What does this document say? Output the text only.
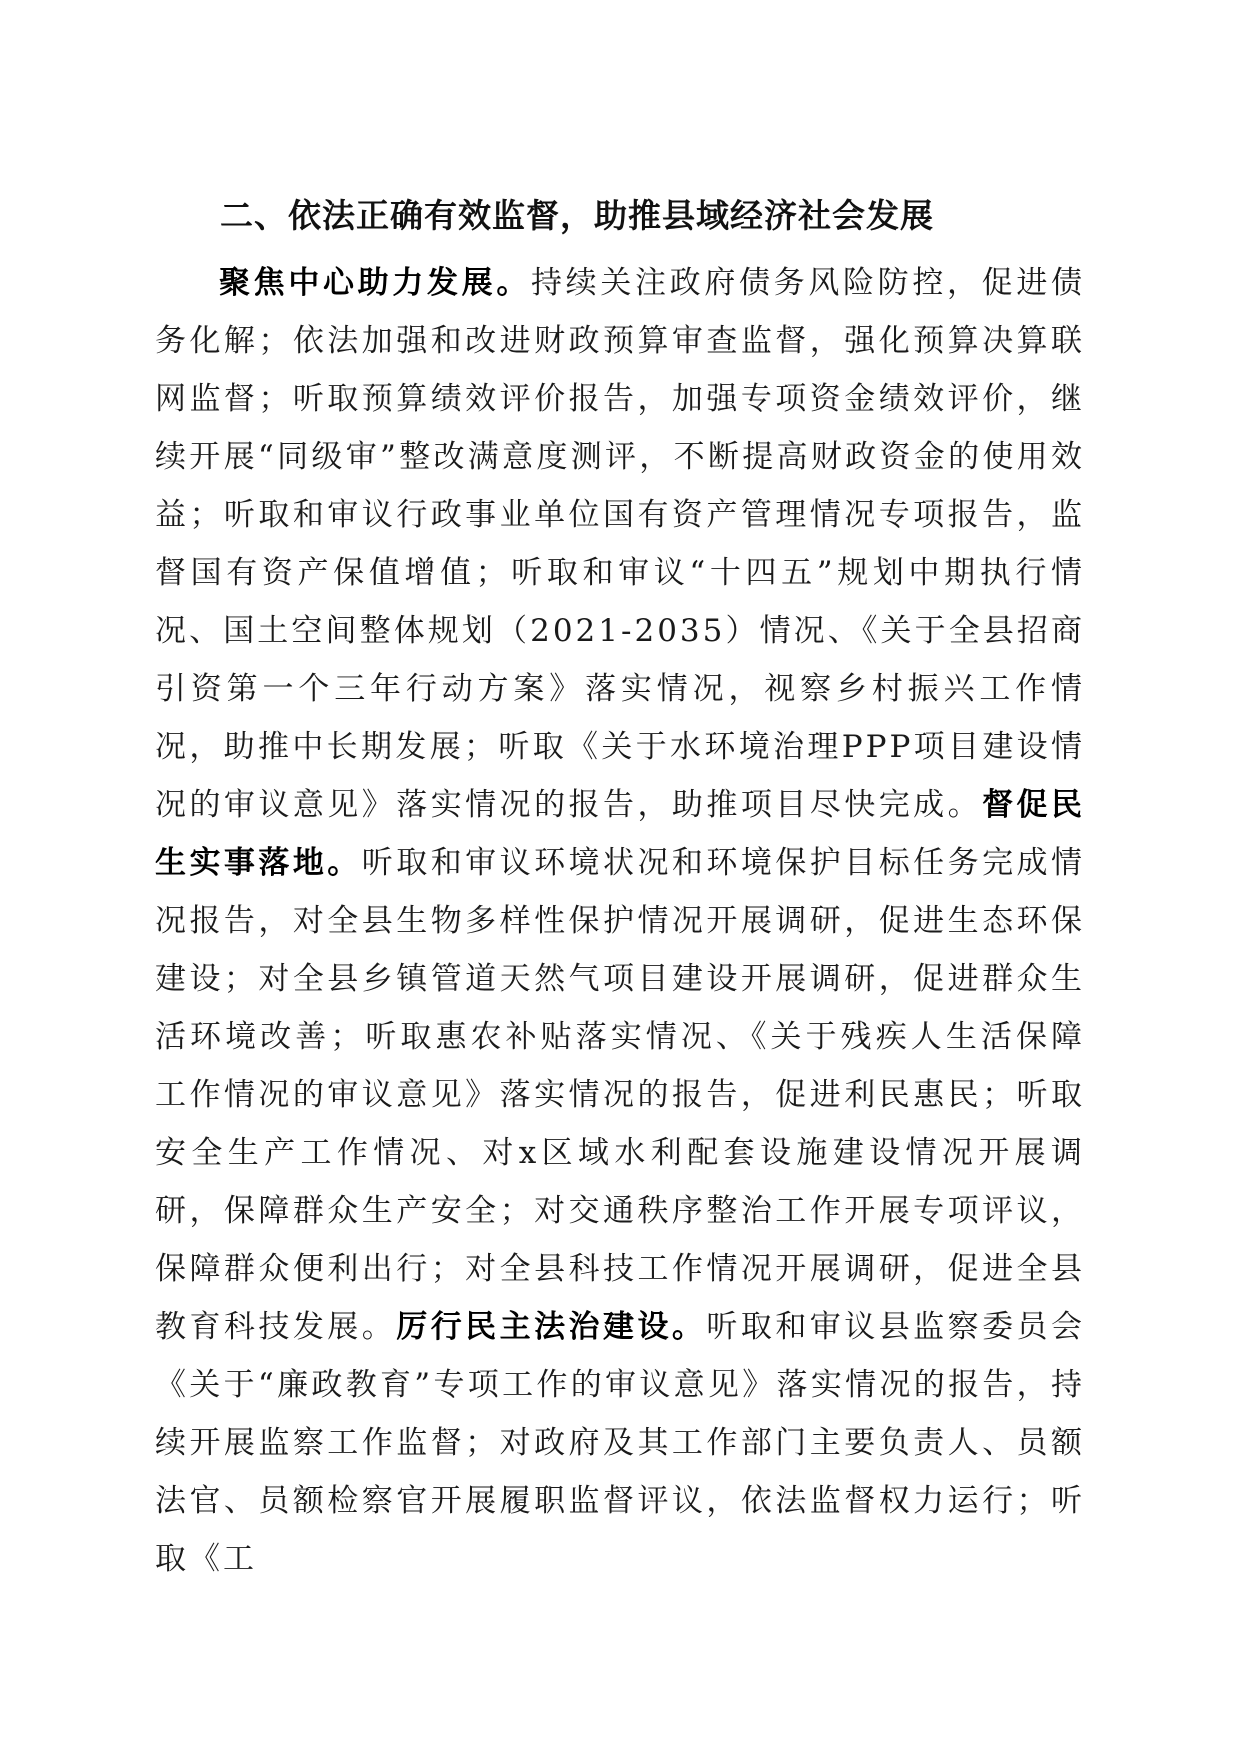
二、依法正确有效监督，助推县域经济社会发展

聚焦中心助力发展。持续关注政府债务风险防控，促进债务化解；依法加强和改进财政预算审查监督，强化预算决算联网监督；听取预算绩效评价报告，加强专项资金绩效评价，继续开展“同级审”整改满意度测评，不断提高财政资金的使用效益；听取和审议行政事业单位国有资产管理情况专项报告，监督国有资产保值增值；听取和审议“十四五”规划中期执行情况、国土空间整体规划（2021-2035）情况、《关于全县招商引资第一个三年行动方案》落实情况，视察乡村振兴工作情况，助推中长期发展；听取《关于水环境治理PPP项目建设情况的审议意见》落实情况的报告，助推项目尽快完成。督促民生实事落地。听取和审议环境状况和环境保护目标任务完成情况报告，对全县生物多样性保护情况开展调研，促进生态环保建设；对全县乡镇管道天然气项目建设开展调研，促进群众生活环境改善；听取惠农补贴落实情况、《关于残疾人生活保障工作情况的审议意见》落实情况的报告，促进利民惠民；听取安全生产工作情况、对x区域水利配套设施建设情况开展调研，保障群众生产安全；对交通秩序整治工作开展专项评议，保障群众便利出行；对全县科技工作情况开展调研，促进全县教育科技发展。厉行民主法治建设。听取和审议县监察委员会《关于“廉政教育”专项工作的审议意见》落实情况的报告，持续开展监察工作监督；对政府及其工作部门主要负责人、员额法官、员额检察官开展履职监督评议，依法监督权力运行；听取《工
